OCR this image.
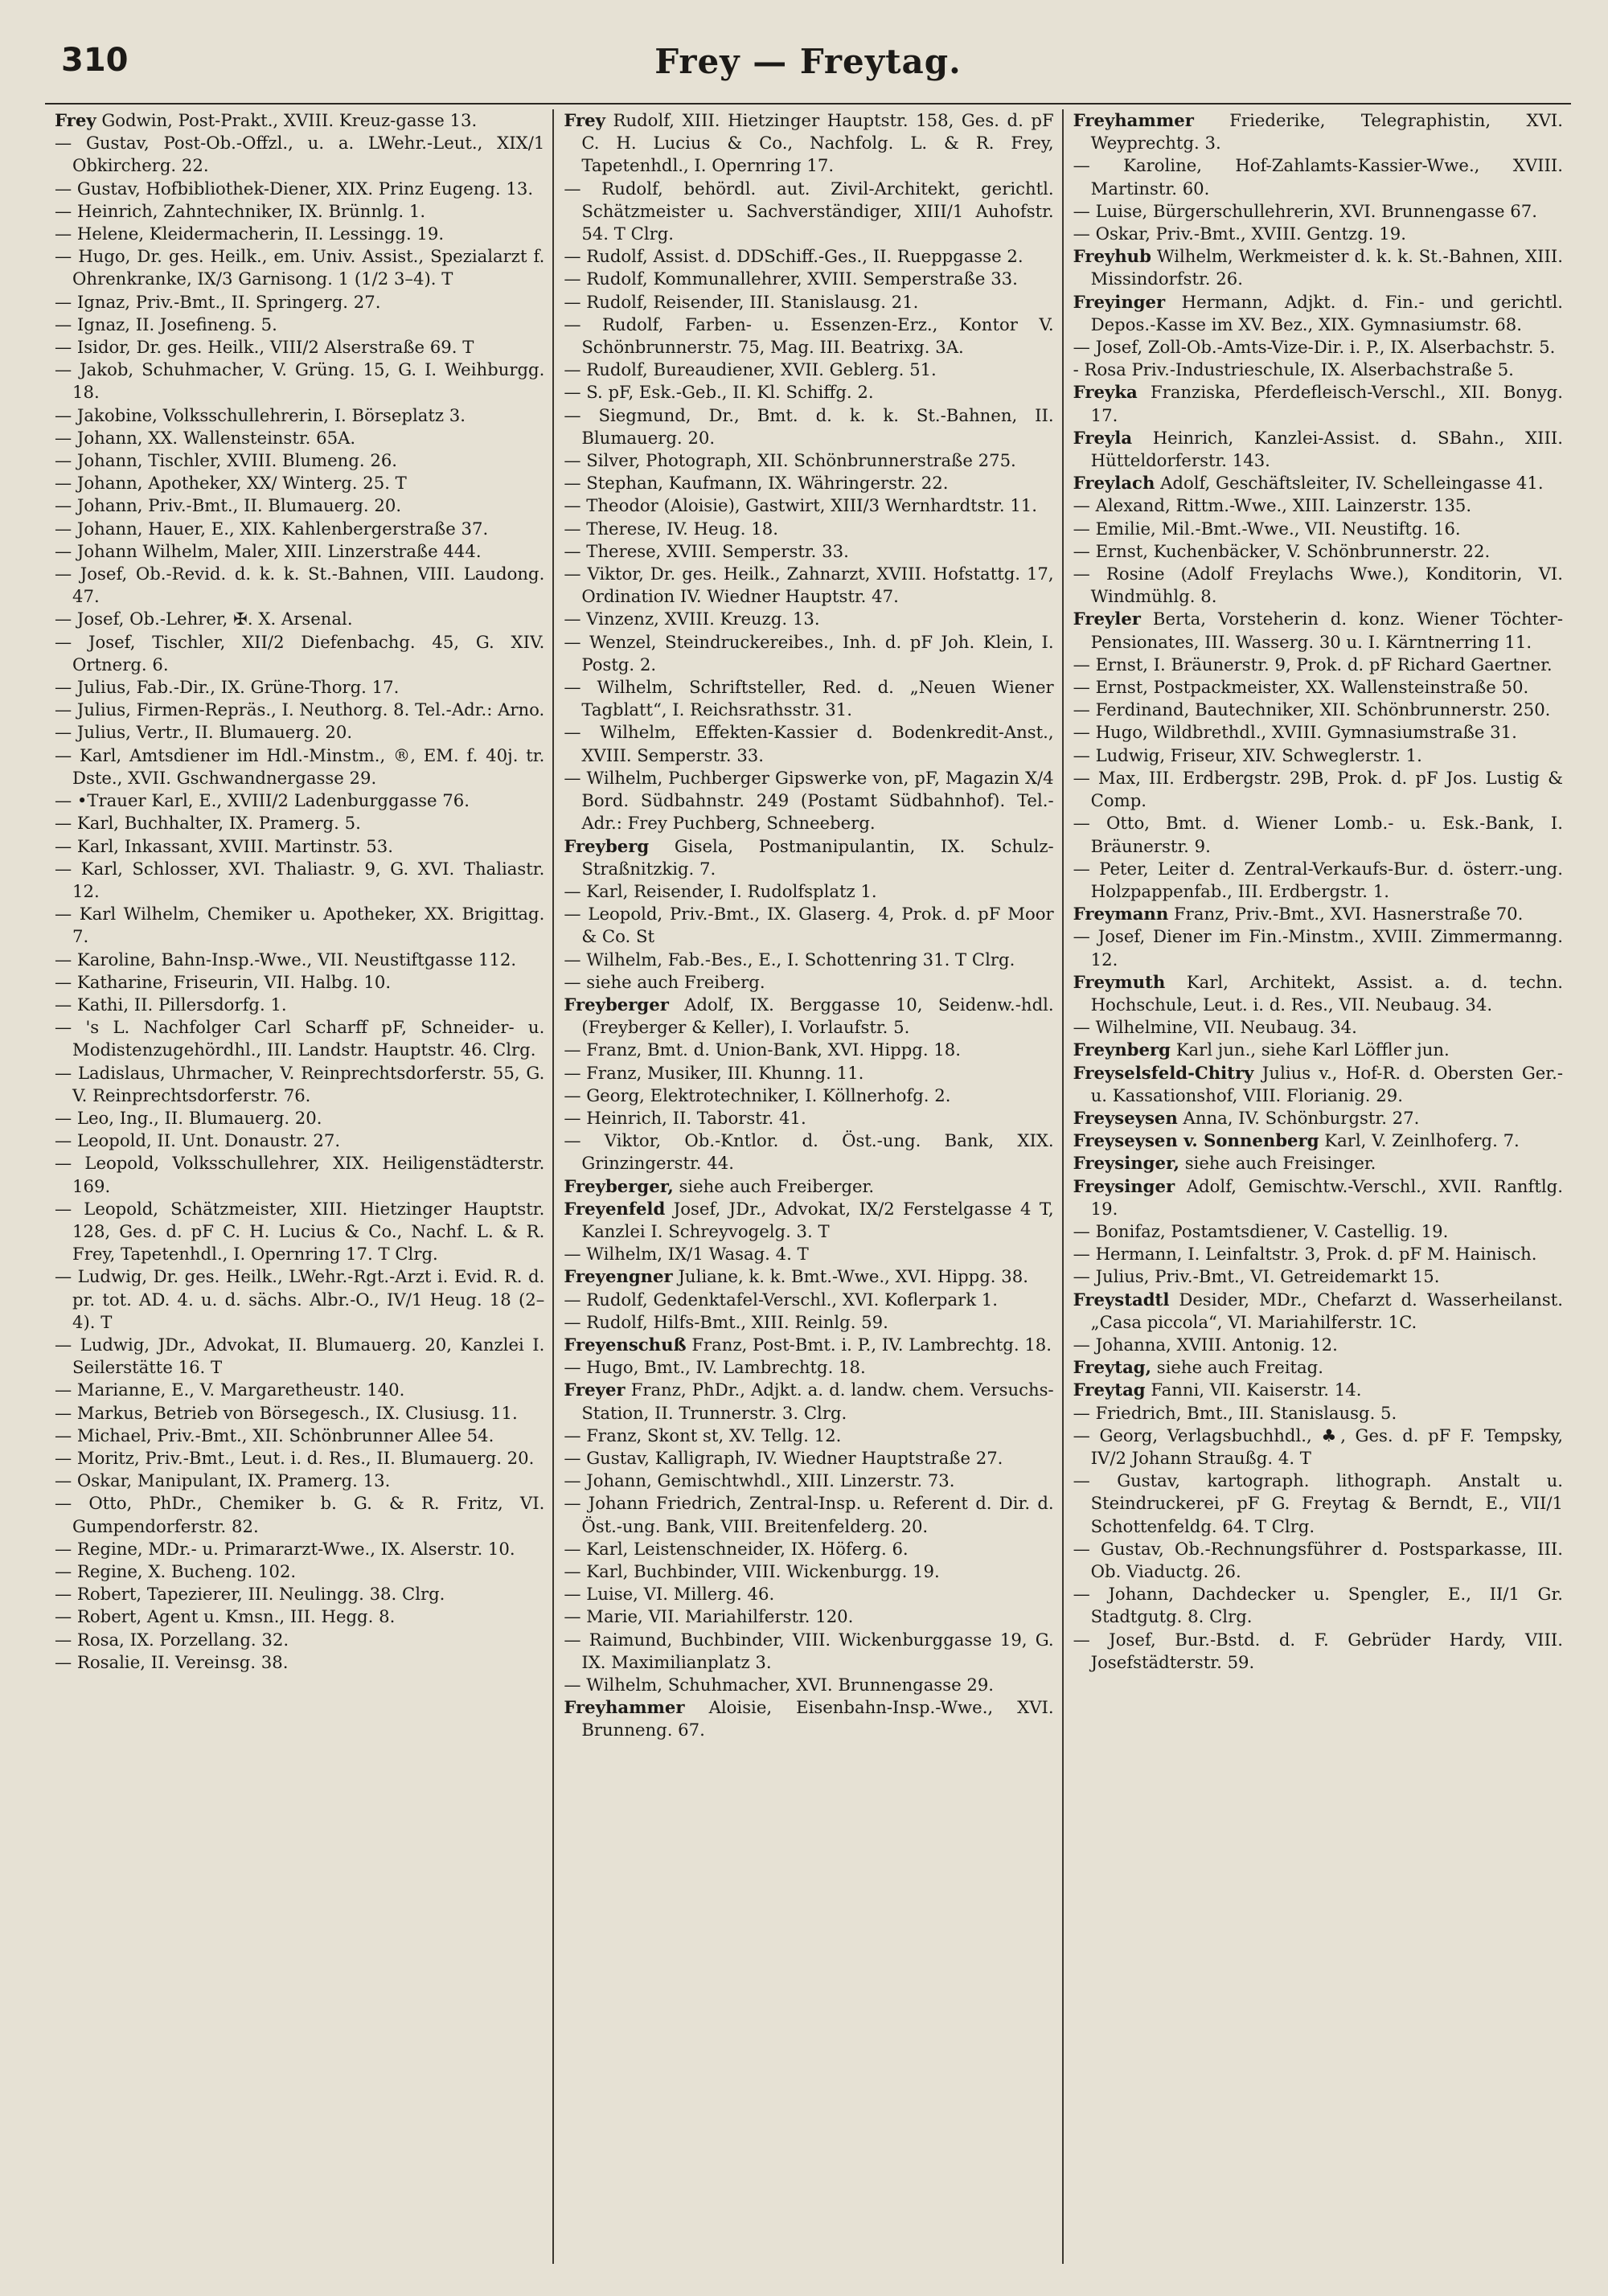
310	Frey — Freytag.

Frey Godwin, Post-Prakt., XVIII. Kreuz-gasse 13.

— Gustav, Post-Ob.-Offzl., u. a. LWehr.-Leut., XIX/1 Obkircherg. 22.

— Gustav, Hofbibliothek-Diener, XIX. Prinz Eugeng. 13.

— Heinrich, Zahntechniker, IX. Brünnlg. 1.

— Helene, Kleidermacherin, II. Lessingg. 19.

— Hugo, Dr. ges. Heilk., em. Univ. Assist., Spezialarzt f. Ohrenkranke, IX/3 Garnisong. 1 (1/2 3–4). T

— Ignaz, Priv.-Bmt., II. Springerg. 27.

— Ignaz, II. Josefineng. 5.

— Isidor, Dr. ges. Heilk., VIII/2 Alserstraße 69. T

— Jakob, Schuhmacher, V. Grüng. 15, G. I. Weihburgg. 18.

— Jakobine, Volksschullehrerin, I. Börseplatz 3.

— Johann, XX. Wallensteinstr. 65A.

— Johann, Tischler, XVIII. Blumeng. 26.

— Johann, Apotheker, XX/ Winterg. 25. T

— Johann, Priv.-Bmt., II. Blumauerg. 20.

— Johann, Hauer, E., XIX. Kahlenbergerstraße 37.

— Johann Wilhelm, Maler, XIII. Linzerstraße 444.

— Josef, Ob.-Revid. d. k. k. St.-Bahnen, VIII. Laudong. 47.

— Josef, Ob.-Lehrer, ✠. X. Arsenal.

— Josef, Tischler, XII/2 Diefenbachg. 45, G. XIV. Ortnerg. 6.

— Julius, Fab.-Dir., IX. Grüne-Thorg. 17.

— Julius, Firmen-Repräs., I. Neuthorg. 8. Tel.-Adr.: Arno.

— Julius, Vertr., II. Blumauerg. 20.

— Karl, Amtsdiener im Hdl.-Minstm., ®, EM. f. 40j. tr. Dste., XVII. Gschwandnergasse 29.

— •Trauer Karl, E., XVIII/2 Ladenburggasse 76.

— Karl, Buchhalter, IX. Pramerg. 5.

— Karl, Inkassant, XVIII. Martinstr. 53.

— Karl, Schlosser, XVI. Thaliastr. 9, G. XVI. Thaliastr. 12.

— Karl Wilhelm, Chemiker u. Apotheker, XX. Brigittag. 7.

— Karoline, Bahn-Insp.-Wwe., VII. Neustiftgasse 112.

— Katharine, Friseurin, VII. Halbg. 10.

— Kathi, II. Pillersdorfg. 1.

— 's L. Nachfolger Carl Scharff pF, Schneider- u. Modistenzugehördhl., III. Landstr. Hauptstr. 46. Clrg.

— Ladislaus, Uhrmacher, V. Reinprechtsdorferstr. 55, G. V. Reinprechtsdorferstr. 76.

— Leo, Ing., II. Blumauerg. 20.

— Leopold, II. Unt. Donaustr. 27.

— Leopold, Volksschullehrer, XIX. Heiligenstädterstr. 169.

— Leopold, Schätzmeister, XIII. Hietzinger Hauptstr. 128, Ges. d. pF C. H. Lucius & Co., Nachf. L. & R. Frey, Tapetenhdl., I. Opernring 17. T Clrg.

— Ludwig, Dr. ges. Heilk., LWehr.-Rgt.-Arzt i. Evid. R. d. pr. tot. AD. 4. u. d. sächs. Albr.-O., IV/1 Heug. 18 (2–4). T

— Ludwig, JDr., Advokat, II. Blumauerg. 20, Kanzlei I. Seilerstätte 16. T

— Marianne, E., V. Margaretheustr. 140.

— Markus, Betrieb von Börsegesch., IX. Clusiusg. 11.

— Michael, Priv.-Bmt., XII. Schönbrunner Allee 54.

— Moritz, Priv.-Bmt., Leut. i. d. Res., II. Blumauerg. 20.

— Oskar, Manipulant, IX. Pramerg. 13.

— Otto, PhDr., Chemiker b. G. & R. Fritz, VI. Gumpendorferstr. 82.

— Regine, MDr.- u. Primararzt-Wwe., IX. Alserstr. 10.

— Regine, X. Bucheng. 102.

— Robert, Tapezierer, III. Neulingg. 38. Clrg.

— Robert, Agent u. Kmsn., III. Hegg. 8.

— Rosa, IX. Porzellang. 32.

— Rosalie, II. Vereinsg. 38.

Frey Rudolf, XIII. Hietzinger Hauptstr. 158, Ges. d. pF C. H. Lucius & Co., Nachfolg. L. & R. Frey, Tapetenhdl., I. Opernring 17.

— Rudolf, behördl. aut. Zivil-Architekt, gerichtl. Schätzmeister u. Sachverständiger, XIII/1 Auhofstr. 54. T Clrg.

— Rudolf, Assist. d. DDSchiff.-Ges., II. Rueppgasse 2.

— Rudolf, Kommunallehrer, XVIII. Semperstraße 33.

— Rudolf, Reisender, III. Stanislausg. 21.

— Rudolf, Farben- u. Essenzen-Erz., Kontor V. Schönbrunnerstr. 75, Mag. III. Beatrixg. 3A.

— Rudolf, Bureaudiener, XVII. Geblerg. 51.

— S. pF, Esk.-Geb., II. Kl. Schiffg. 2.

— Siegmund, Dr., Bmt. d. k. k. St.-Bahnen, II. Blumauerg. 20.

— Silver, Photograph, XII. Schönbrunnerstraße 275.

— Stephan, Kaufmann, IX. Währingerstr. 22.

— Theodor (Aloisie), Gastwirt, XIII/3 Wernhardtstr. 11.

— Therese, IV. Heug. 18.

— Therese, XVIII. Semperstr. 33.

— Viktor, Dr. ges. Heilk., Zahnarzt, XVIII. Hofstattg. 17, Ordination IV. Wiedner Hauptstr. 47.

— Vinzenz, XVIII. Kreuzg. 13.

— Wenzel, Steindruckereibes., Inh. d. pF Joh. Klein, I. Postg. 2.

— Wilhelm, Schriftsteller, Red. d. „Neuen Wiener Tagblatt“, I. Reichsrathsstr. 31.

— Wilhelm, Effekten-Kassier d. Bodenkredit-Anst., XVIII. Semperstr. 33.

— Wilhelm, Puchberger Gipswerke von, pF, Magazin X/4 Bord. Südbahnstr. 249 (Postamt Südbahnhof). Tel.-Adr.: Frey Puchberg, Schneeberg.

Freyberg Gisela, Postmanipulantin, IX. Schulz-Straßnitzkig. 7.

— Karl, Reisender, I. Rudolfsplatz 1.

— Leopold, Priv.-Bmt., IX. Glaserg. 4, Prok. d. pF Moor & Co. St

— Wilhelm, Fab.-Bes., E., I. Schottenring 31. T Clrg.

— siehe auch Freiberg.

Freyberger Adolf, IX. Berggasse 10, Seidenw.-hdl. (Freyberger & Keller), I. Vorlaufstr. 5.

— Franz, Bmt. d. Union-Bank, XVI. Hippg. 18.

— Franz, Musiker, III. Khunng. 11.

— Georg, Elektrotechniker, I. Köllnerhofg. 2.

— Heinrich, II. Taborstr. 41.

— Viktor, Ob.-Kntlor. d. Öst.-ung. Bank, XIX. Grinzingerstr. 44.

Freyberger, siehe auch Freiberger.

Freyenfeld Josef, JDr., Advokat, IX/2 Ferstelgasse 4 T, Kanzlei I. Schreyvogelg. 3. T

— Wilhelm, IX/1 Wasag. 4. T

Freyengner Juliane, k. k. Bmt.-Wwe., XVI. Hippg. 38.

— Rudolf, Gedenktafel-Verschl., XVI. Koflerpark 1.

— Rudolf, Hilfs-Bmt., XIII. Reinlg. 59.

Freyenschuß Franz, Post-Bmt. i. P., IV. Lambrechtg. 18.

— Hugo, Bmt., IV. Lambrechtg. 18.

Freyer Franz, PhDr., Adjkt. a. d. landw. chem. Versuchs-Station, II. Trunnerstr. 3. Clrg.

— Franz, Skont st, XV. Tellg. 12.

— Gustav, Kalligraph, IV. Wiedner Hauptstraße 27.

— Johann, Gemischtwhdl., XIII. Linzerstr. 73.

— Johann Friedrich, Zentral-Insp. u. Referent d. Dir. d. Öst.-ung. Bank, VIII. Breitenfelderg. 20.

— Karl, Leistenschneider, IX. Höferg. 6.

— Karl, Buchbinder, VIII. Wickenburgg. 19.

— Luise, VI. Millerg. 46.

— Marie, VII. Mariahilferstr. 120.

— Raimund, Buchbinder, VIII. Wickenburggasse 19, G. IX. Maximilianplatz 3.

— Wilhelm, Schuhmacher, XVI. Brunnengasse 29.

Freyhammer Aloisie, Eisenbahn-Insp.-Wwe., XVI. Brunneng. 67.

Freyhammer Friederike, Telegraphistin, XVI. Weyprechtg. 3.

— Karoline, Hof-Zahlamts-Kassier-Wwe., XVIII. Martinstr. 60.

— Luise, Bürgerschullehrerin, XVI. Brunnengasse 67.

— Oskar, Priv.-Bmt., XVIII. Gentzg. 19.

Freyhub Wilhelm, Werkmeister d. k. k. St.-Bahnen, XIII. Missindorfstr. 26.

Freyinger Hermann, Adjkt. d. Fin.- und gerichtl. Depos.-Kasse im XV. Bez., XIX. Gymnasiumstr. 68.

— Josef, Zoll-Ob.-Amts-Vize-Dir. i. P., IX. Alserbachstr. 5.

- Rosa Priv.-Industrieschule, IX. Alserbachstraße 5.

Freyka Franziska, Pferdefleisch-Verschl., XII. Bonyg. 17.

Freyla Heinrich, Kanzlei-Assist. d. SBahn., XIII. Hütteldorferstr. 143.

Freylach Adolf, Geschäftsleiter, IV. Schelleingasse 41.

— Alexand, Rittm.-Wwe., XIII. Lainzerstr. 135.

— Emilie, Mil.-Bmt.-Wwe., VII. Neustiftg. 16.

— Ernst, Kuchenbäcker, V. Schönbrunnerstr. 22.

— Rosine (Adolf Freylachs Wwe.), Konditorin, VI. Windmühlg. 8.

Freyler Berta, Vorsteherin d. konz. Wiener Töchter-Pensionates, III. Wasserg. 30 u. I. Kärntnerring 11.

— Ernst, I. Bräunerstr. 9, Prok. d. pF Richard Gaertner.

— Ernst, Postpackmeister, XX. Wallensteinstraße 50.

— Ferdinand, Bautechniker, XII. Schönbrunnerstr. 250.

— Hugo, Wildbrethdl., XVIII. Gymnasiumstraße 31.

— Ludwig, Friseur, XIV. Schweglerstr. 1.

— Max, III. Erdbergstr. 29B, Prok. d. pF Jos. Lustig & Comp.

— Otto, Bmt. d. Wiener Lomb.- u. Esk.-Bank, I. Bräunerstr. 9.

— Peter, Leiter d. Zentral-Verkaufs-Bur. d. österr.-ung. Holzpappenfab., III. Erdbergstr. 1.

Freymann Franz, Priv.-Bmt., XVI. Hasnerstraße 70.

— Josef, Diener im Fin.-Minstm., XVIII. Zimmermanng. 12.

Freymuth Karl, Architekt, Assist. a. d. techn. Hochschule, Leut. i. d. Res., VII. Neubaug. 34.

— Wilhelmine, VII. Neubaug. 34.

Freynberg Karl jun., siehe Karl Löffler jun.

Freyselsfeld-Chitry Julius v., Hof-R. d. Obersten Ger.- u. Kassationshof, VIII. Florianig. 29.

Freyseysen Anna, IV. Schönburgstr. 27.

Freyseysen v. Sonnenberg Karl, V. Zeinlhoferg. 7.

Freysinger, siehe auch Freisinger.

Freysinger Adolf, Gemischtw.-Verschl., XVII. Ranftlg. 19.

— Bonifaz, Postamtsdiener, V. Castellig. 19.

— Hermann, I. Leinfaltstr. 3, Prok. d. pF M. Hainisch.

— Julius, Priv.-Bmt., VI. Getreidemarkt 15.

Freystadtl Desider, MDr., Chefarzt d. Wasserheilanst. „Casa piccola“, VI. Mariahilferstr. 1C.

— Johanna, XVIII. Antonig. 12.

Freytag, siehe auch Freitag.

Freytag Fanni, VII. Kaiserstr. 14.

— Friedrich, Bmt., III. Stanislausg. 5.

— Georg, Verlagsbuchhdl., ♣, Ges. d. pF F. Tempsky, IV/2 Johann Straußg. 4. T

— Gustav, kartograph. lithograph. Anstalt u. Steindruckerei, pF G. Freytag & Berndt, E., VII/1 Schottenfeldg. 64. T Clrg.

— Gustav, Ob.-Rechnungsführer d. Postsparkasse, III. Ob. Viaductg. 26.

— Johann, Dachdecker u. Spengler, E., II/1 Gr. Stadtgutg. 8. Clrg.

— Josef, Bur.-Bstd. d. F. Gebrüder Hardy, VIII. Josefstädterstr. 59.
